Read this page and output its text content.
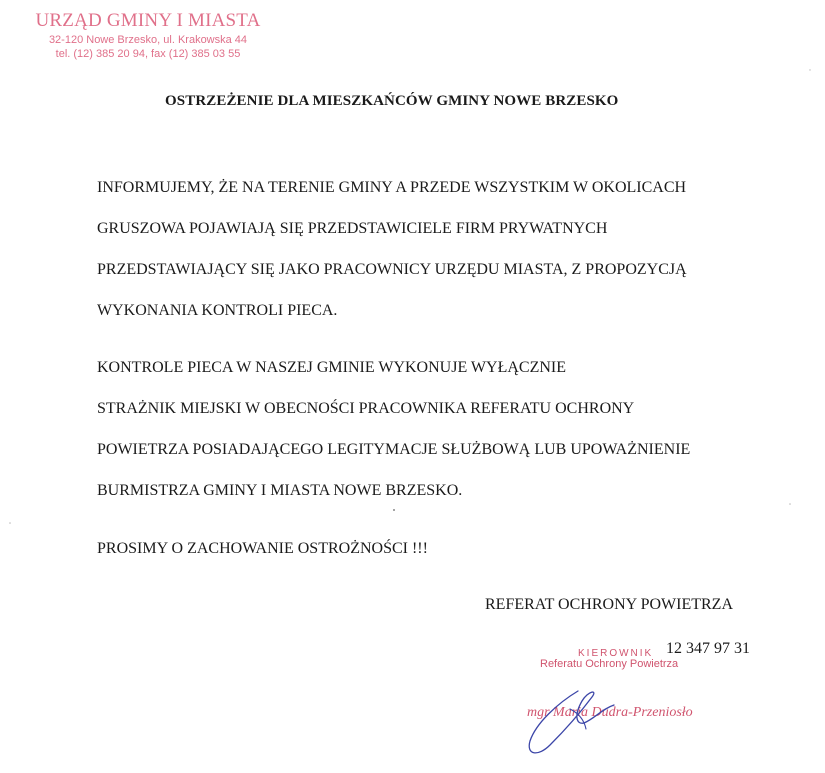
URZĄD GMINY I MIASTA
32-120 Nowe Brzesko, ul. Krakowska 44
tel. (12) 385 20 94, fax (12) 385 03 55
OSTRZEŻENIE DLA MIESZKAŃCÓW GMINY NOWE BRZESKO

INFORMUJEMY, ŻE NA TERENIE GMINY A PRZEDE WSZYSTKIM W OKOLICACH

GRUSZOWA POJAWIAJĄ SIĘ PRZEDSTAWICIELE FIRM PRYWATNYCH

PRZEDSTAWIAJĄCY SIĘ JAKO PRACOWNICY URZĘDU MIASTA, Z PROPOZYCJĄ

WYKONANIA KONTROLI PIECA.

KONTROLE PIECA W NASZEJ GMINIE WYKONUJE WYŁĄCZNIE

STRAŻNIK MIEJSKI W OBECNOŚCI PRACOWNIKA REFERATU OCHRONY

POWIETRZA POSIADAJĄCEGO LEGITYMACJE SŁUŻBOWĄ LUB UPOWAŻNIENIE

BURMISTRZA GMINY I MIASTA NOWE BRZESKO.

PROSIMY O ZACHOWANIE OSTROŻNOŚCI !!!

REFERAT OCHRONY POWIETRZA
12 347 97 31
KIEROWNIK
Referatu Ochrony Powietrza
mgr Maria Dudra-Przeniosło
